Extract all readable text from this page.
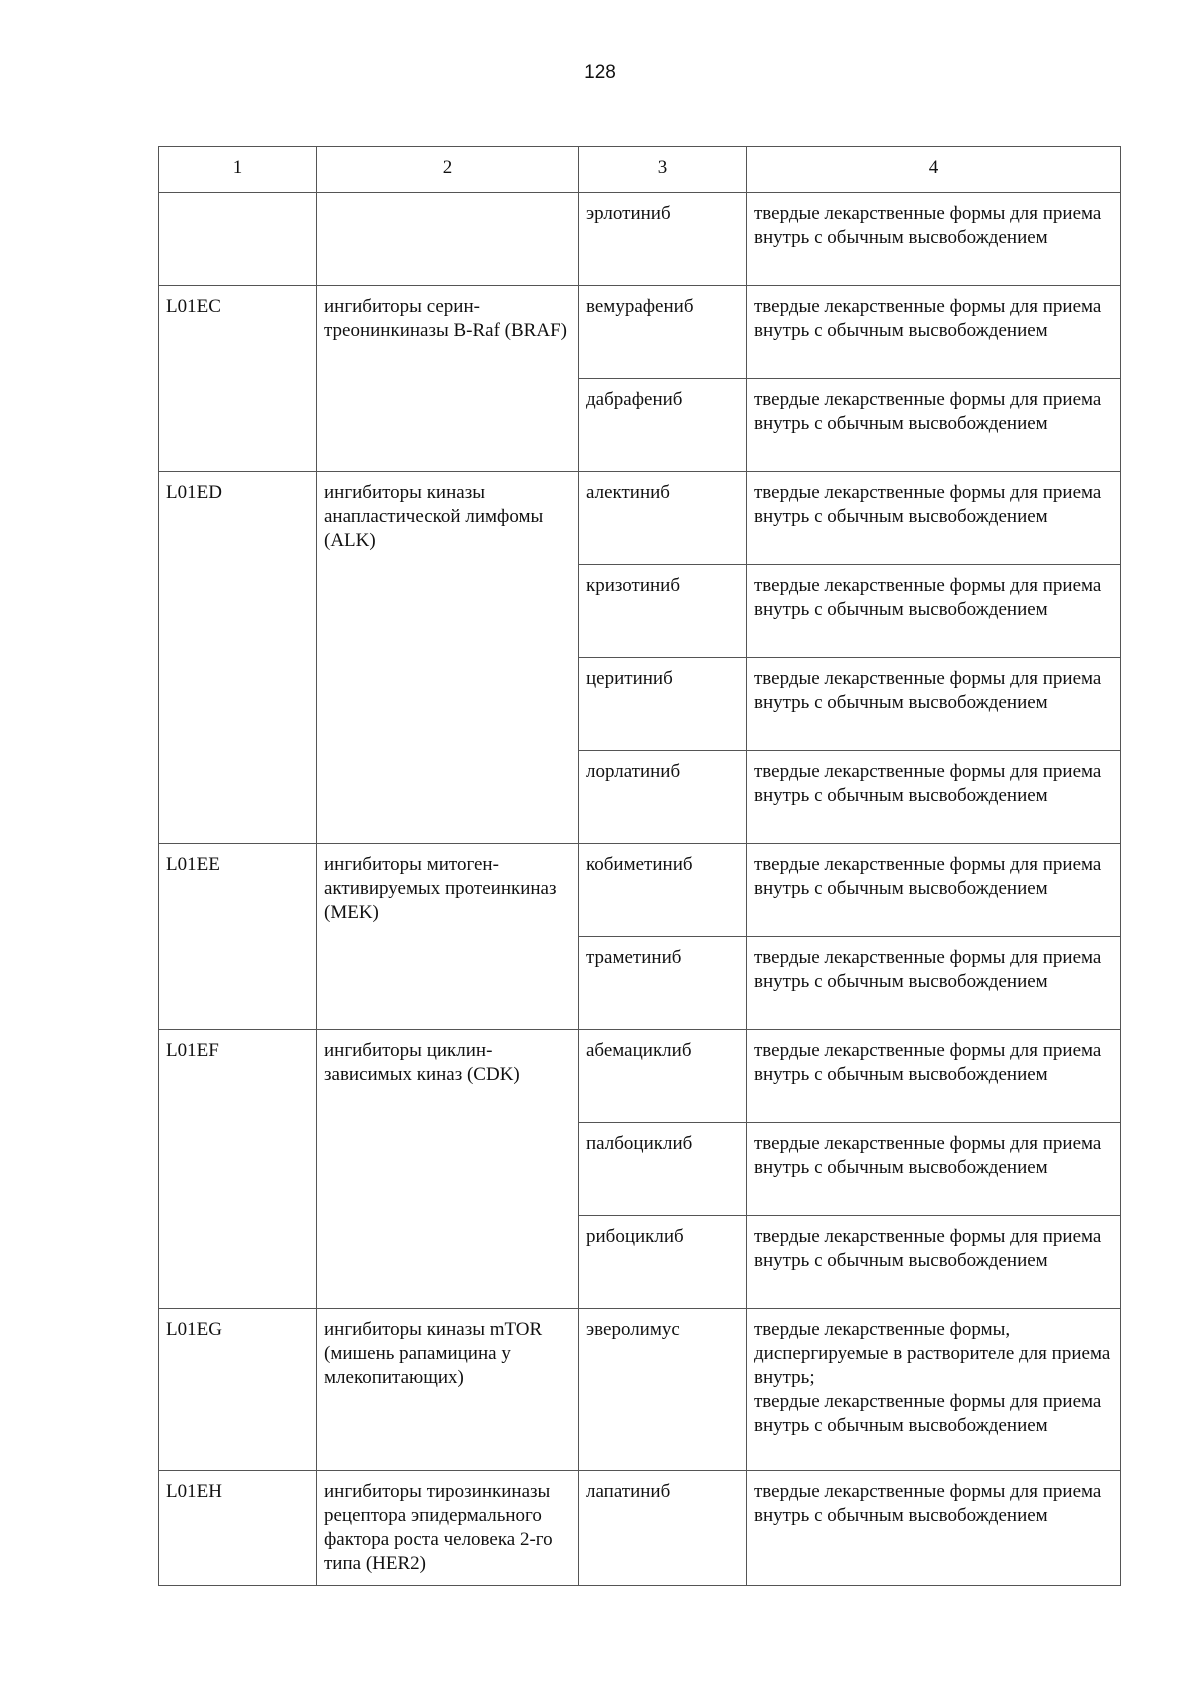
128
1	2	3	4
		эрлотиниб	твердые лекарственные формы для приема внутрь с обычным высвобождением
L01EC	ингибиторы серин-треонинкиназы B-Raf (BRAF)	вемурафениб	твердые лекарственные формы для приема внутрь с обычным высвобождением
		дабрафениб	твердые лекарственные формы для приема внутрь с обычным высвобождением
L01ED	ингибиторы киназы анапластической лимфомы (ALK)	алектиниб	твердые лекарственные формы для приема внутрь с обычным высвобождением
		кризотиниб	твердые лекарственные формы для приема внутрь с обычным высвобождением
		церитиниб	твердые лекарственные формы для приема внутрь с обычным высвобождением
		лорлатиниб	твердые лекарственные формы для приема внутрь с обычным высвобождением
L01EE	ингибиторы митоген-активируемых протеинкиназ (MEK)	кобиметиниб	твердые лекарственные формы для приема внутрь с обычным высвобождением
		траметиниб	твердые лекарственные формы для приема внутрь с обычным высвобождением
L01EF	ингибиторы циклин-зависимых киназ (CDK)	абемациклиб	твердые лекарственные формы для приема внутрь с обычным высвобождением
		палбоциклиб	твердые лекарственные формы для приема внутрь с обычным высвобождением
		рибоциклиб	твердые лекарственные формы для приема внутрь с обычным высвобождением
L01EG	ингибиторы киназы mTOR (мишень рапамицина у млекопитающих)	эверолимус	твердые лекарственные формы, диспергируемые в растворителе для приема внутрь;
твердые лекарственные формы для приема внутрь с обычным высвобождением
L01EH	ингибиторы тирозинкиназы рецептора эпидермального фактора роста человека 2-го типа (HER2)	лапатиниб	твердые лекарственные формы для приема внутрь с обычным высвобождением
